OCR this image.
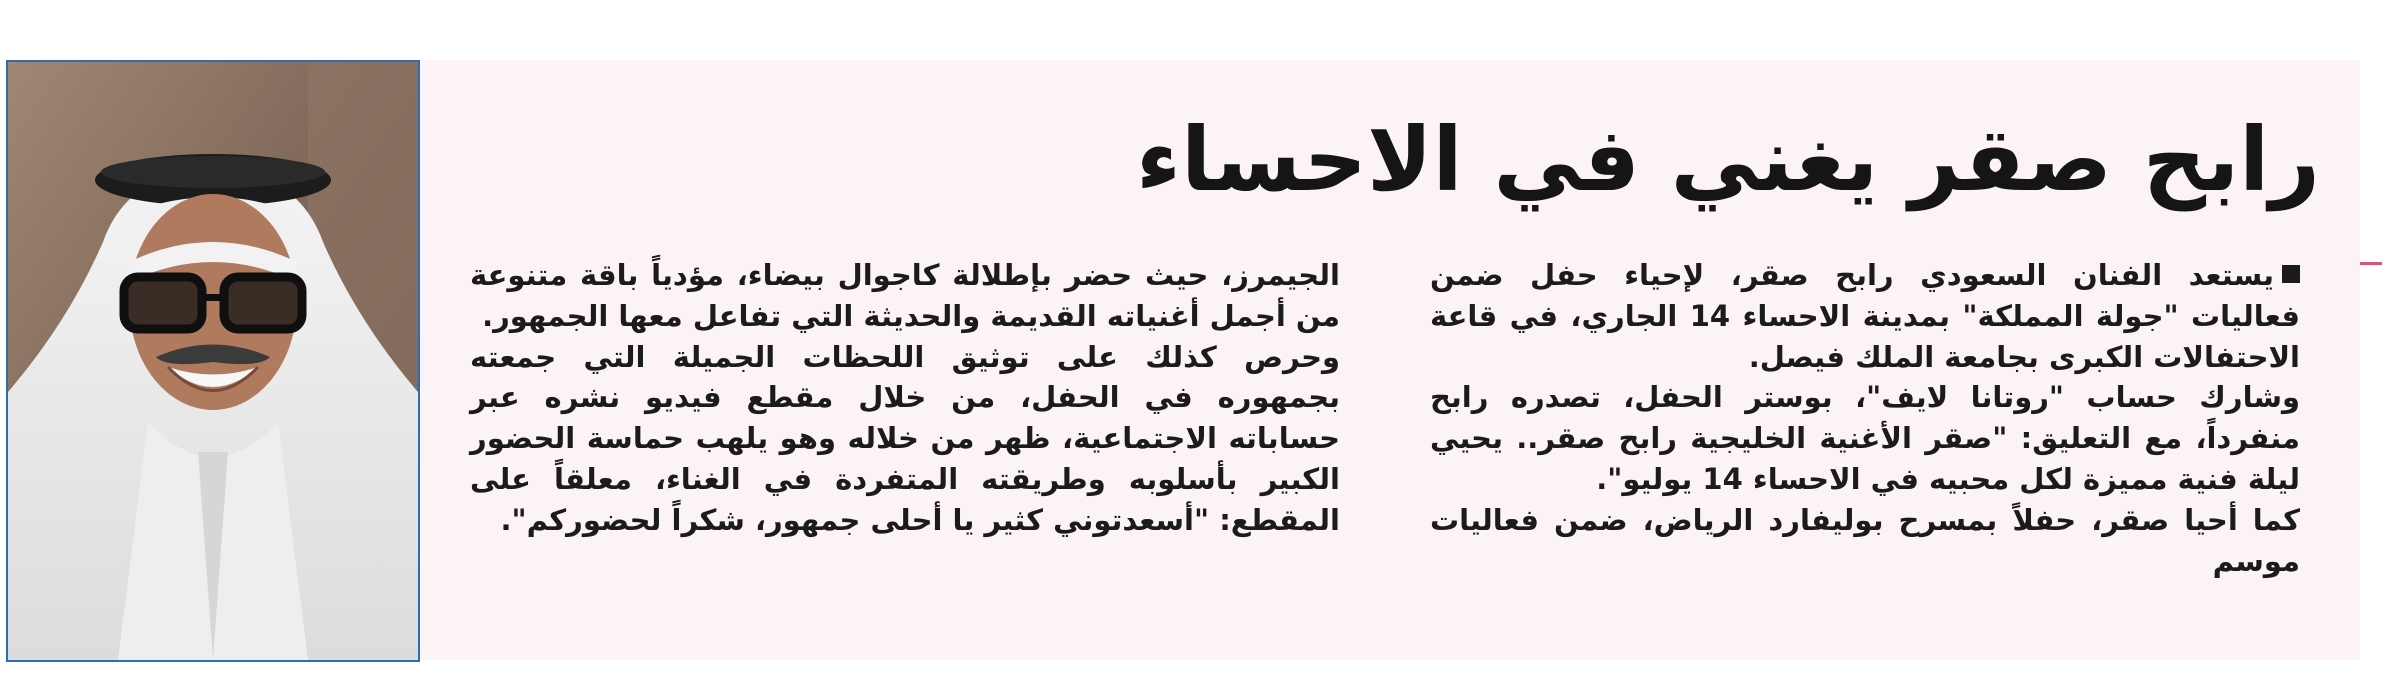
رابح صقر يغني في الاحساء

يستعد الفنان السعودي رابح صقر، لإحياء حفل ضمن فعاليات "جولة المملكة" بمدينة الاحساء 14 الجاري، في قاعة الاحتفالات الكبرى بجامعة الملك فيصل.

وشارك حساب "روتانا لايف"، بوستر الحفل، تصدره رابح منفرداً، مع التعليق: "صقر الأغنية الخليجية رابح صقر.. يحيي ليلة فنية مميزة لكل محبيه في الاحساء 14 يوليو".

كما أحيا صقر، حفلاً بمسرح بوليفارد الرياض، ضمن فعاليات موسم

الجيمرز، حيث حضر بإطلالة كاجوال بيضاء، مؤدياً باقة متنوعة من أجمل أغنياته القديمة والحديثة التي تفاعل معها الجمهور.

وحرص كذلك على توثيق اللحظات الجميلة التي جمعته بجمهوره في الحفل، من خلال مقطع فيديو نشره عبر حساباته الاجتماعية، ظهر من خلاله وهو يلهب حماسة الحضور الكبير بأسلوبه وطريقته المتفردة في الغناء، معلقاً على المقطع: "أسعدتوني كثير يا أحلى جمهور، شكراً لحضوركم".
